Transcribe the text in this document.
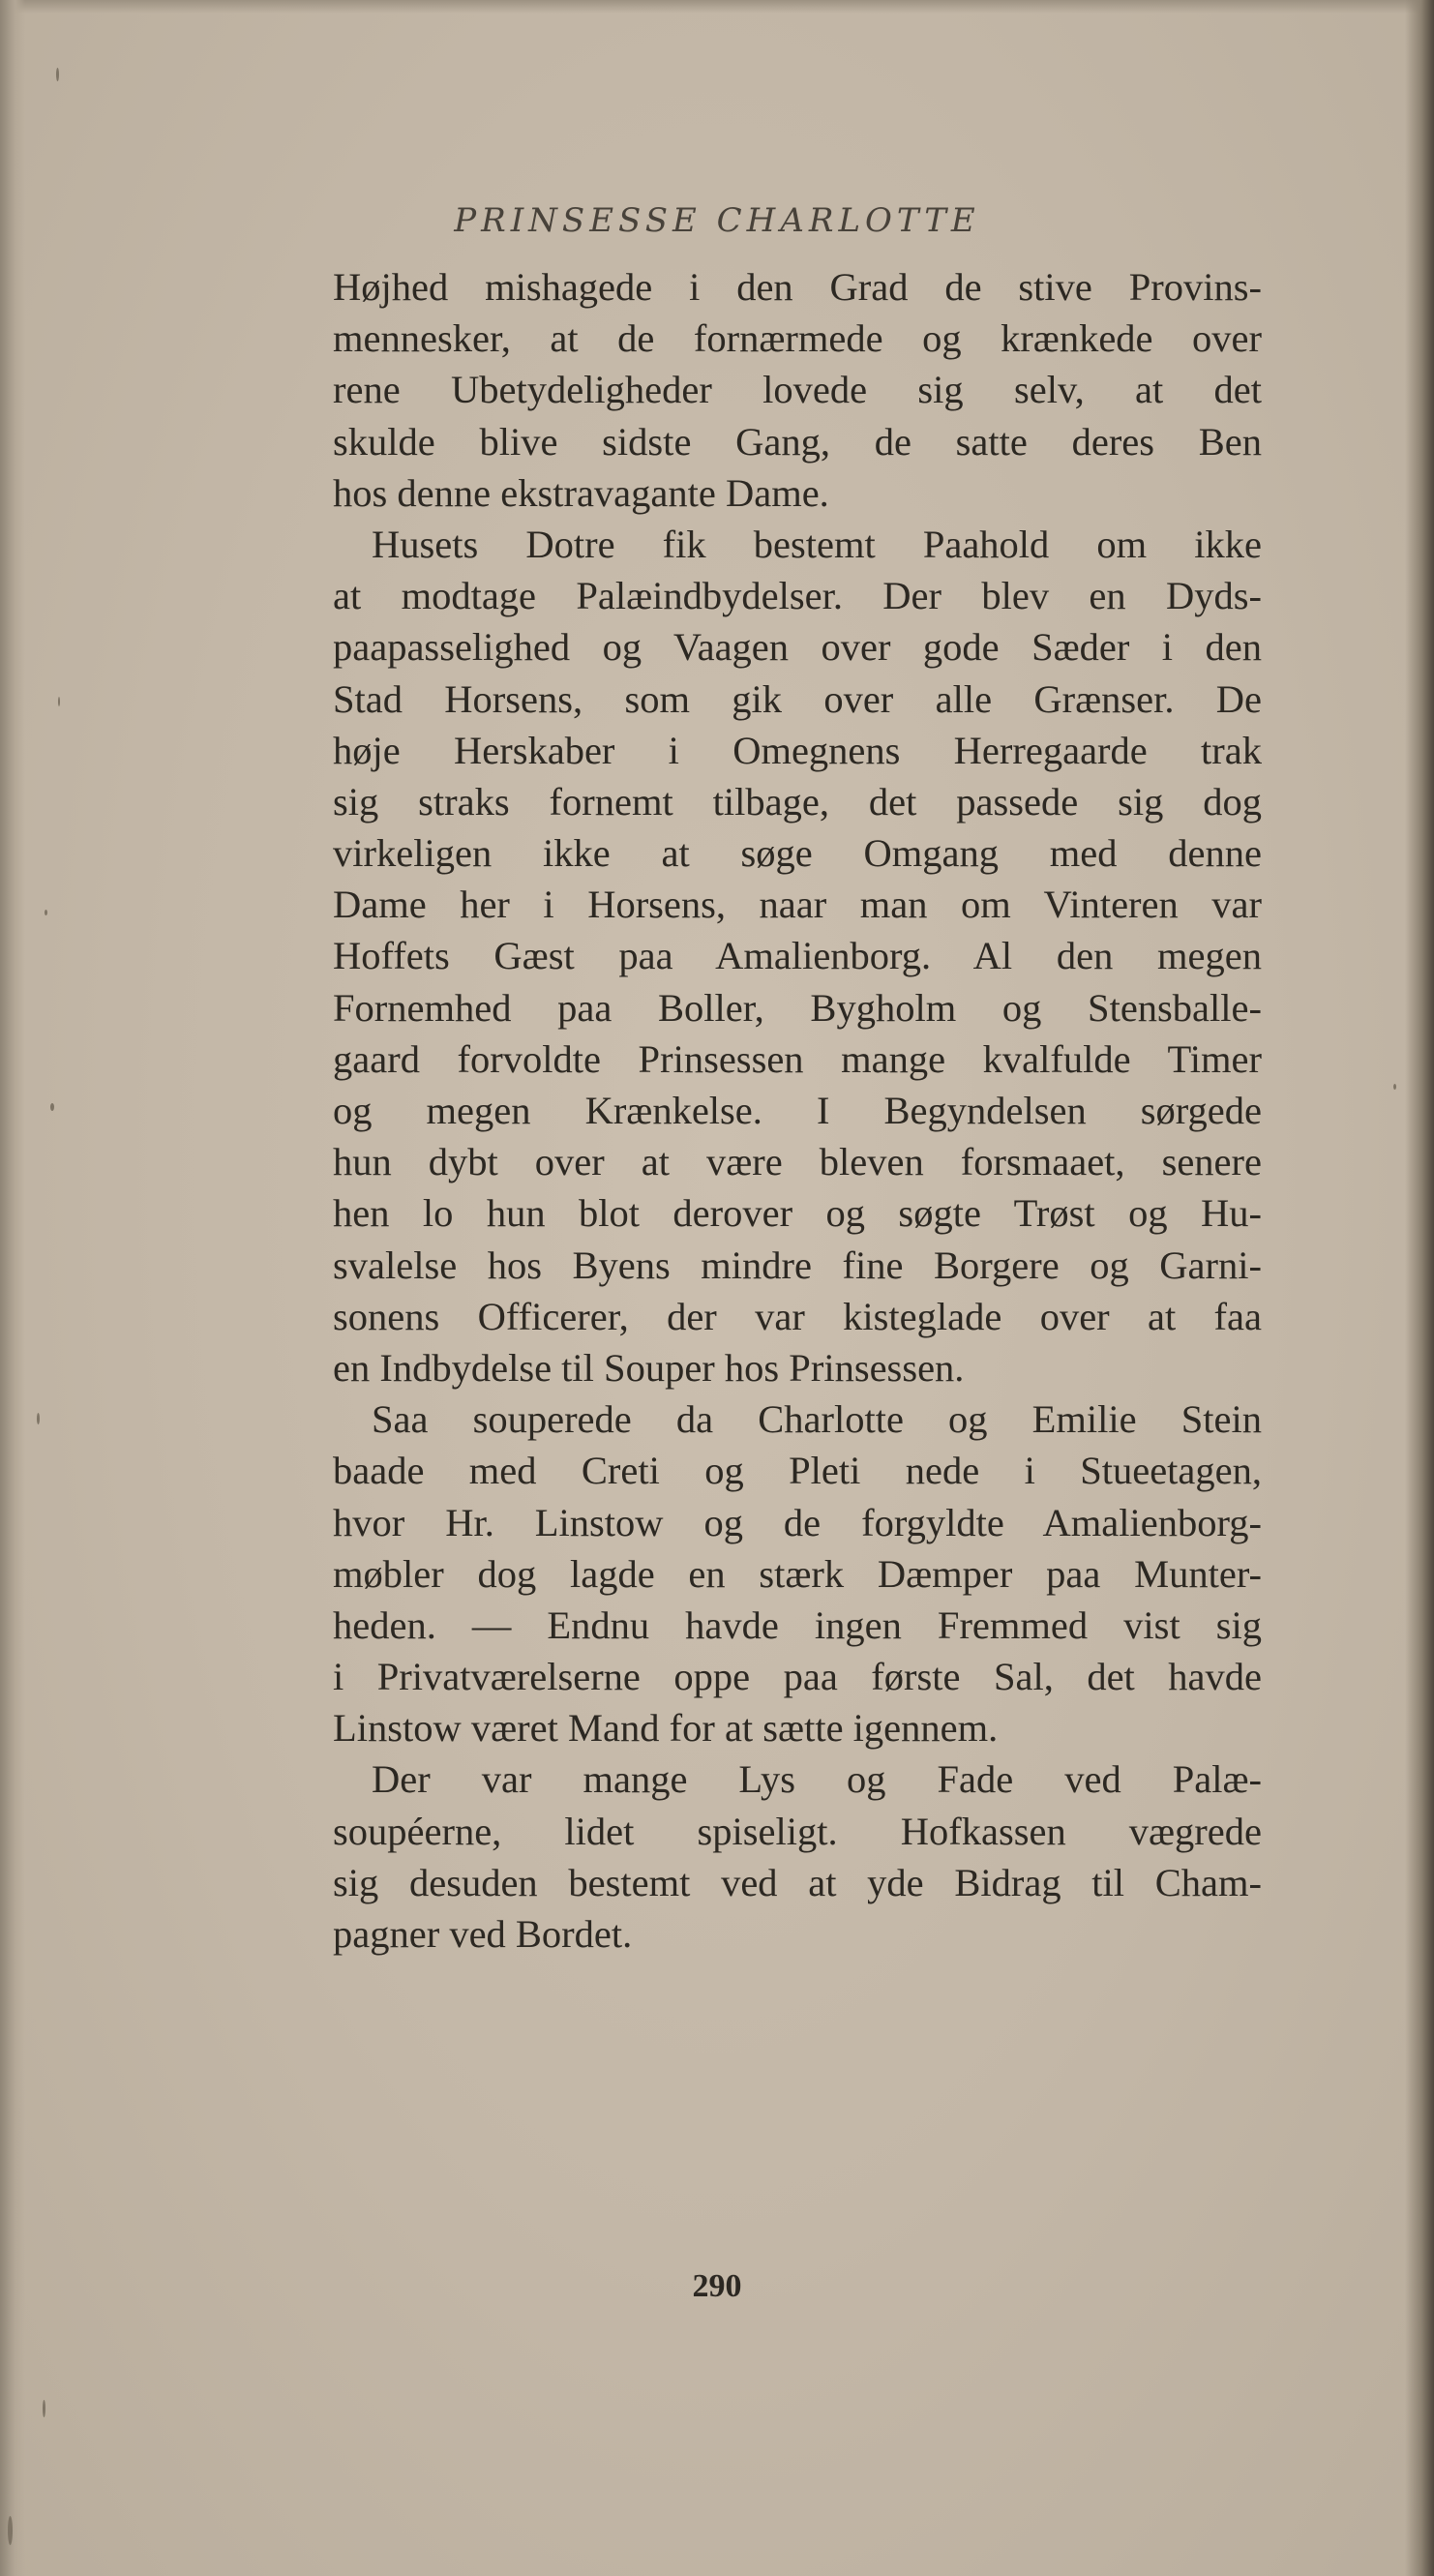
PRINSESSE CHARLOTTE
Højhed mishagede i den Grad de stive Provins-
mennesker, at de fornærmede og krænkede over
rene Ubetydeligheder lovede sig selv, at det
skulde blive sidste Gang, de satte deres Ben
hos denne ekstravagante Dame.
Husets Dotre fik bestemt Paahold om ikke
at modtage Palæindbydelser. Der blev en Dyds-
paapasselighed og Vaagen over gode Sæder i den
Stad Horsens, som gik over alle Grænser. De
høje Herskaber i Omegnens Herregaarde trak
sig straks fornemt tilbage, det passede sig dog
virkeligen ikke at søge Omgang med denne
Dame her i Horsens, naar man om Vinteren var
Hoffets Gæst paa Amalienborg. Al den megen
Fornemhed paa Boller, Bygholm og Stensballe-
gaard forvoldte Prinsessen mange kvalfulde Timer
og megen Krænkelse. I Begyndelsen sørgede
hun dybt over at være bleven forsmaaet, senere
hen lo hun blot derover og søgte Trøst og Hu-
svalelse hos Byens mindre fine Borgere og Garni-
sonens Officerer, der var kisteglade over at faa
en Indbydelse til Souper hos Prinsessen.
Saa souperede da Charlotte og Emilie Stein
baade med Creti og Pleti nede i Stueetagen,
hvor Hr. Linstow og de forgyldte Amalienborg-
møbler dog lagde en stærk Dæmper paa Munter-
heden. — Endnu havde ingen Fremmed vist sig
i Privatværelserne oppe paa første Sal, det havde
Linstow været Mand for at sætte igennem.
Der var mange Lys og Fade ved Palæ-
soupéerne, lidet spiseligt. Hofkassen vægrede
sig desuden bestemt ved at yde Bidrag til Cham-
pagner ved Bordet.
290
